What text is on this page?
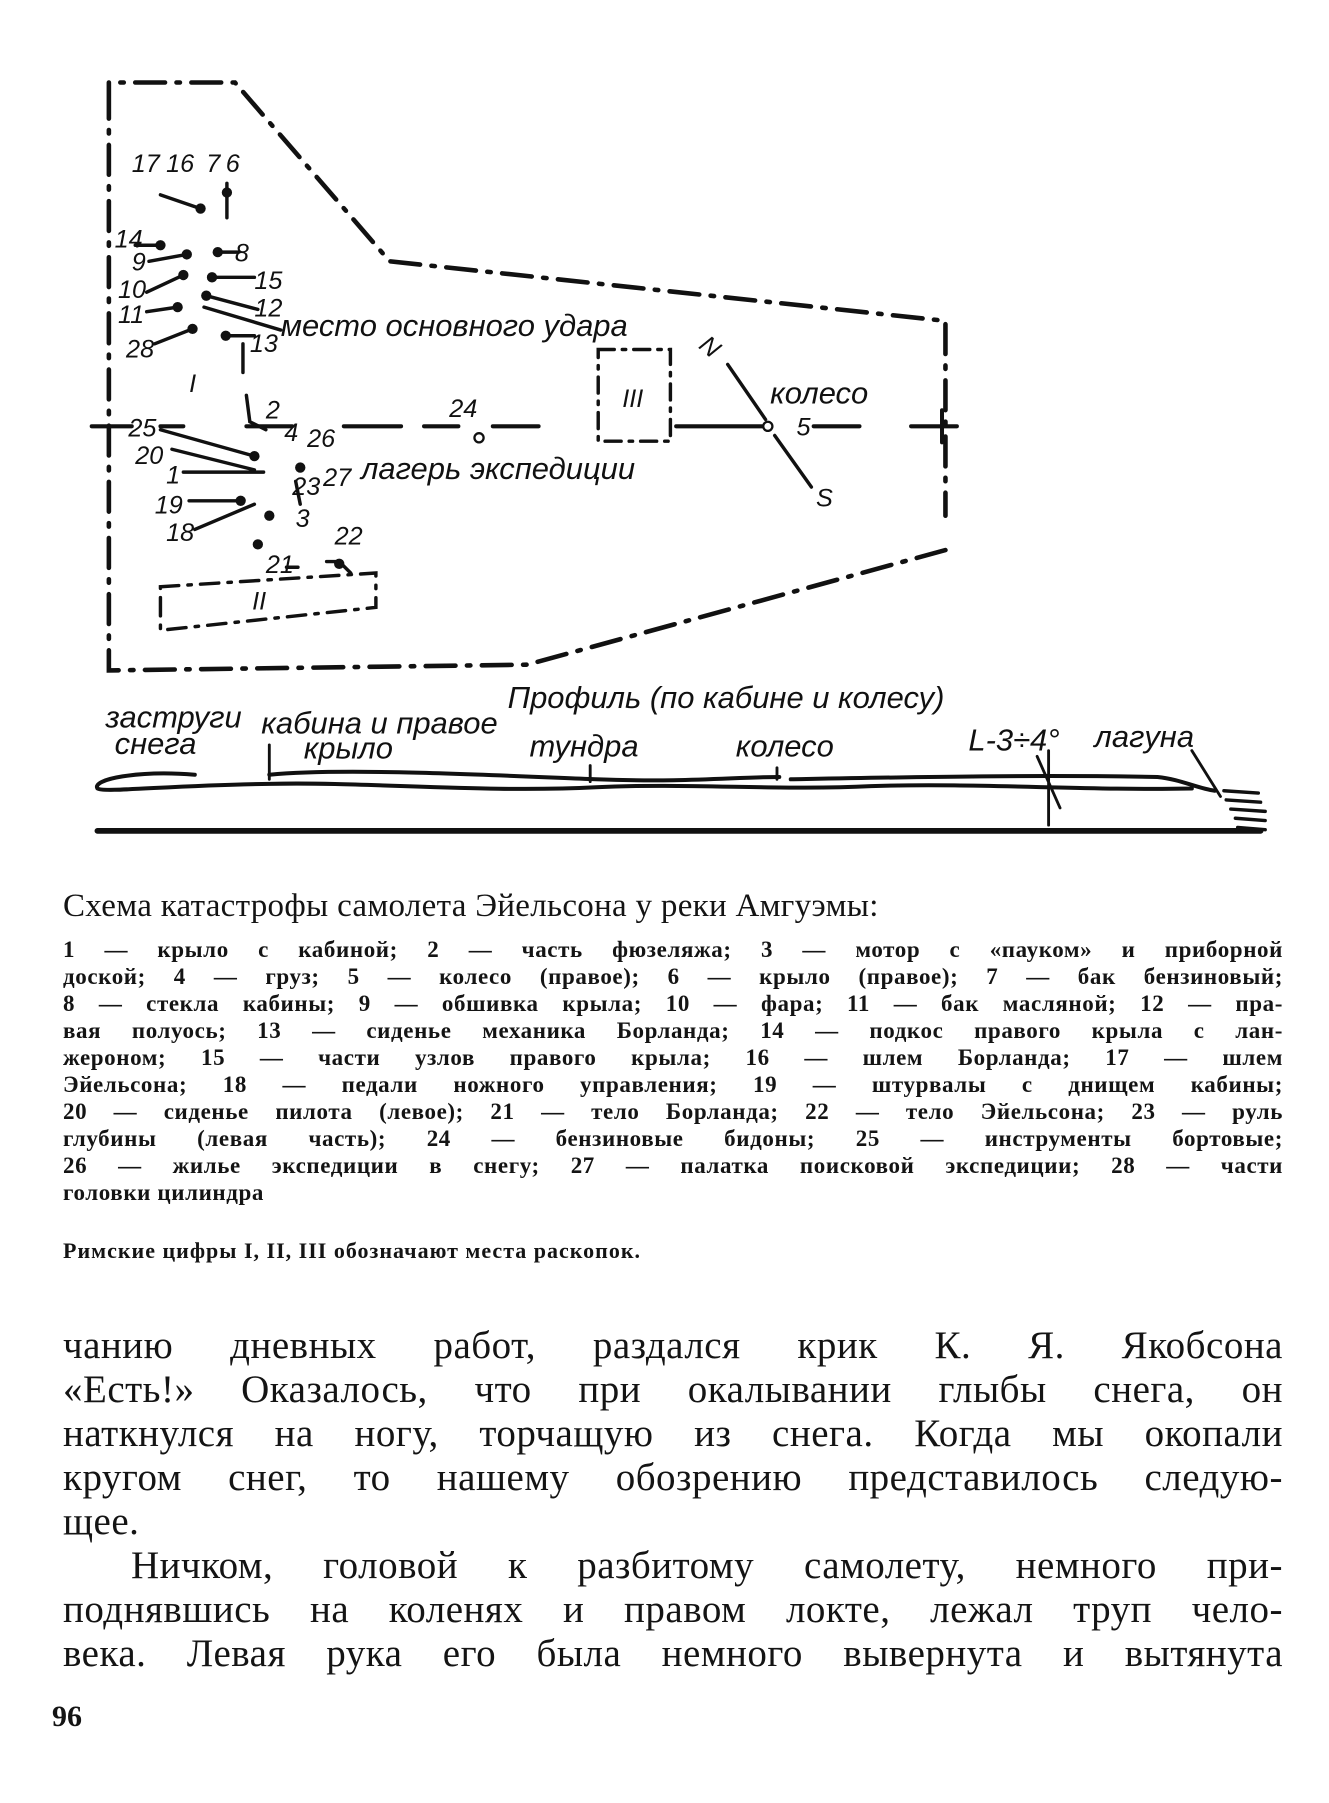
17 16 7 6
14
9
10
11
28
8
15
12
13
25
2
4 26
20
1
19
18
23 27
3
22
21
24
5
I
II
III
N
S
место основного удара
лагерь экспедиции
колесо
Профиль (по кабине и колесу)
заструги
снега
кабина и правое
крыло	тундра	колесо	L-3÷4° лагуна
Схема катастрофы самолета Эйельсона у реки Амгуэмы:
1 — крыло с кабиной; 2 — часть фюзеляжа; 3 — мотор с «пауком» и приборной
доской; 4 — груз; 5 — колесо (правое); 6 — крыло (правое); 7 — бак бензиновый;
8 — стекла кабины; 9 — обшивка крыла; 10 — фара; 11 — бак масляной; 12 — пра-
вая полуось; 13 — сиденье механика Борланда; 14 — подкос правого крыла с лан-
жероном; 15 — части узлов правого крыла; 16 — шлем Борланда; 17 — шлем
Эйельсона; 18 — педали ножного управления; 19 — штурвалы с днищем кабины;
20 — сиденье пилота (левое); 21 — тело Борланда; 22 — тело Эйельсона; 23 — руль
глубины (левая часть); 24 — бензиновые бидоны; 25 — инструменты бортовые;
26 — жилье экспедиции в снегу; 27 — палатка поисковой экспедиции; 28 — части
головки цилиндра
Римские цифры I, II, III обозначают места раскопок.
чанию дневных работ, раздался крик К. Я. Якобсона
«Есть!» Оказалось, что при окалывании глыбы снега, он
наткнулся на ногу, торчащую из снега. Когда мы окопали
кругом снег, то нашему обозрению представилось следую-
щее.
Ничком, головой к разбитому самолету, немного при-
поднявшись на коленях и правом локте, лежал труп чело-
века. Левая рука его была немного вывернута и вытянута
96
